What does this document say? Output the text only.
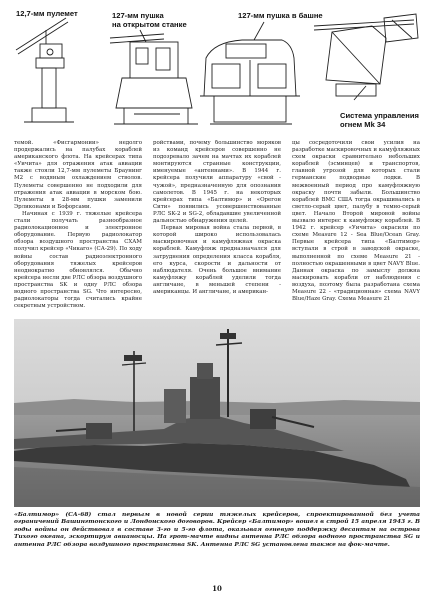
12,7-мм пулемет	127-мм пушка
на открытом станке
127-мм пушка в башне
Система управления
огнем Mk 34

темой. «Фисгармонии» недолго продержались на палубах кораблей американского флота. На крейсерах типа «Уичита» для отражения атак авиации также стояли 12,7-мм пулеметы Браунинг М2 с водяным охлаждением стволов. Пулеметы совершенно не подходили для отражения атак авиации в морском бою. Пулеметы в 28-мм пушки заменили Эрликонами и Бофорсами.

Начиная с 1939 г. тяжелые крейсера стали получать разнообразное радиолокационное и электронное оборудование. Первую радиолокатор обзора воздушного пространства СХАМ получил крейсер «Чикаго» (СА-29). По ходу войны состав радиоэлектронного оборудования тяжелых крейсеров неоднократно обновлялся. Обычно крейсера несли две РЛС обзора воздушного пространства SK и одну РЛС обзора водного пространства SG. Что интересно, радиолокаторы тогда считались крайне секретным устройством.

ройствами, почему большинство моряков из команд крейсеров совершенно не подозревало зачем на мачтах их кораблей монтируются странные конструкции, именуемые «антеннами». В 1944 г. крейсера получили аппаратуру «свой - чужой», предназначенную для опознания самолетов. В 1945 г. на некоторых крейсерах типа «Балтимор» и «Орегон Сити» появились усовершенствованные РЛС SK-2 и SG-2, обладавшие увеличенной дальностью обнаружения целей.

Первая мировая война стала первой, в которой широко использовалась маскировочная и камуфляжная окраска кораблей. Камуфляж предназначался для затруднения определения класса корабля, его курса, скорости и дальности от наблюдателя. Очень большое внимание камуфляжу кораблей уделили тогда англичане, в меньшей степени - американцы. И англичане, и американ-

цы сосредоточили свои усилия на разработке маскировочных и камуфляжных схем окраски сравнительно небольших кораблей (эсминцев) и транспортов, главной угрозой для которых стали германские подводные лодки. В межвоенный период про камуфляжную окраску почти забыли. Большинство кораблей ВМС США тогда окрашивались в светло-серый цвет, палубу в темно-серый цвет. Начало Второй мировой войны вызвало интерес к камуфляжу кораблей. В 1942 г. крейсер «Уичита» окрасили по схеме Measure 12 - Sea Blue/Ocean Gray. Первые крейсера типа «Балтимор» вступали в строй в заводской окраске, выполненной по схеме Measure 21 - полностью окрашенными в цвет NAVY Blue. Данная окраска по замыслу должна маскировать корабли от наблюдения с воздуха, поэтому была разработана схема Measure 22 - «традиционная» схема NAVY Blue/Haze Gray. Схема Measure 21

«Балтимор» (СА-68) стал первым в новой серии тяжелых крейсеров, спроектированной без учета ограничений Вашингтонского и Лондонского договоров. Крейсер «Балтимор» вошел в строй 15 апреля 1943 г. В годы войны он действовал в составе 3-го и 5-го флота, оказывая огневую поддержку десантам на острова Тихого океана, эскортируя авианосцы. На грот-мачте видны антенна РЛС обзора водного пространства SG и антенна РЛС обзора воздушного пространства SK. Антенна РЛС SG установлена также на фок-мачте.
10
